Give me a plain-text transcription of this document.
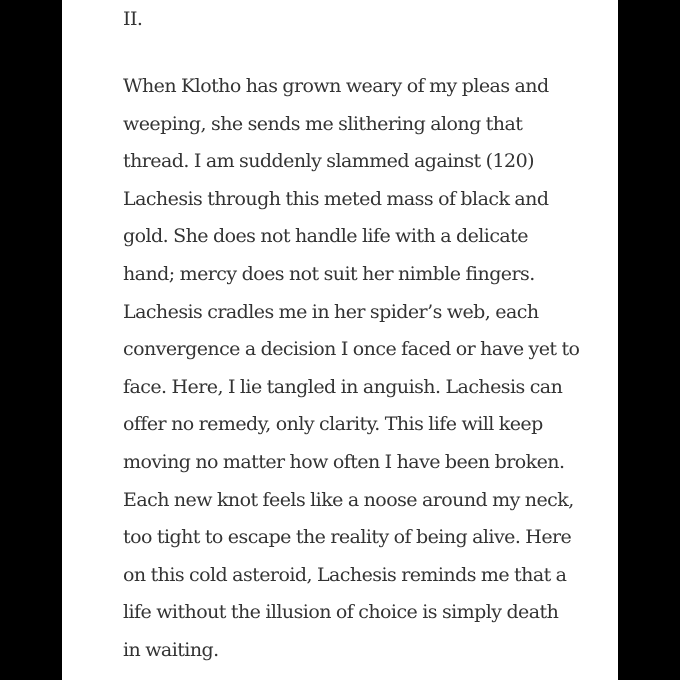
II.
When Klotho has grown weary of my pleas and
weeping, she sends me slithering along that
thread. I am suddenly slammed against (120)
Lachesis through this meted mass of black and
gold. She does not handle life with a delicate
hand; mercy does not suit her nimble fingers.
Lachesis cradles me in her spider’s web, each
convergence a decision I once faced or have yet to
face. Here, I lie tangled in anguish. Lachesis can
offer no remedy, only clarity. This life will keep
moving no matter how often I have been broken.
Each new knot feels like a noose around my neck,
too tight to escape the reality of being alive. Here
on this cold asteroid, Lachesis reminds me that a
life without the illusion of choice is simply death
in waiting.
